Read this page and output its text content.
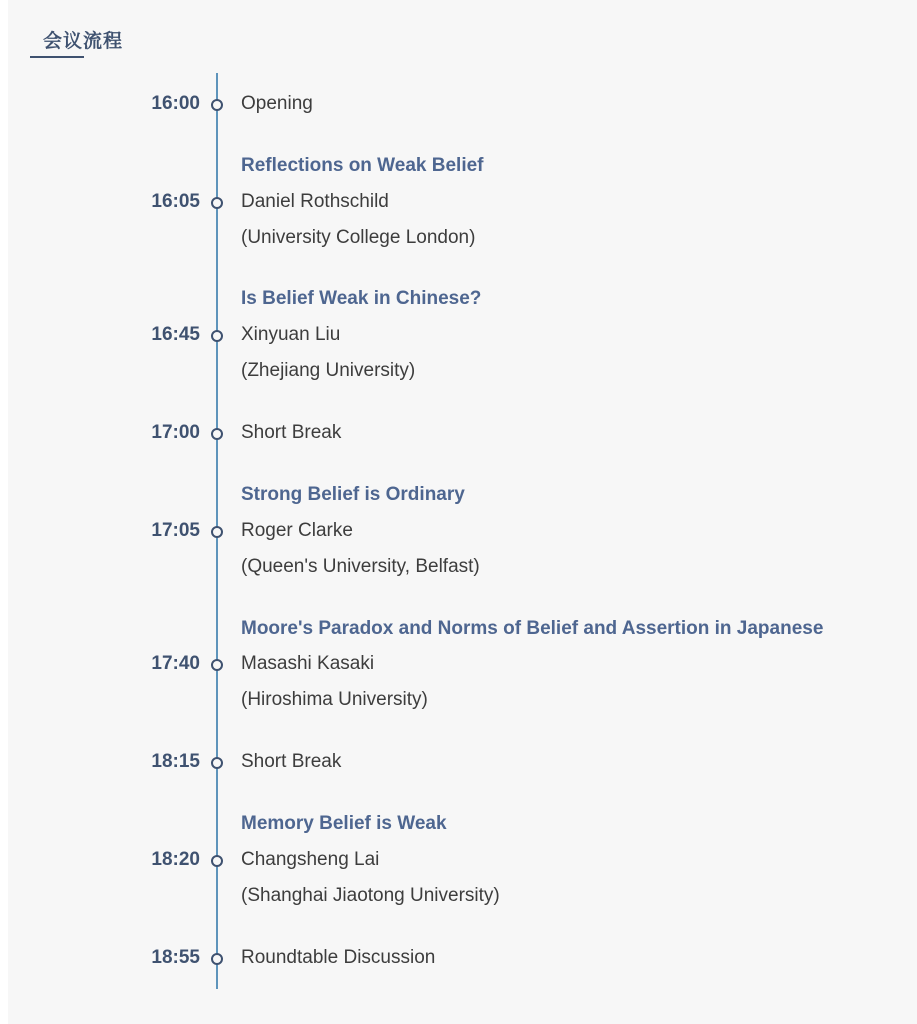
会议流程
16:00 Opening
Reflections on Weak Belief
16:05 Daniel Rothschild
(University College London)
Is Belief Weak in Chinese?
16:45 Xinyuan Liu
(Zhejiang University)
17:00 Short Break
Strong Belief is Ordinary
17:05 Roger Clarke
(Queen's University, Belfast)
Moore's Paradox and Norms of Belief and Assertion in Japanese
17:40 Masashi Kasaki
(Hiroshima University)
18:15 Short Break
Memory Belief is Weak
18:20 Changsheng Lai
(Shanghai Jiaotong University)
18:55 Roundtable Discussion
